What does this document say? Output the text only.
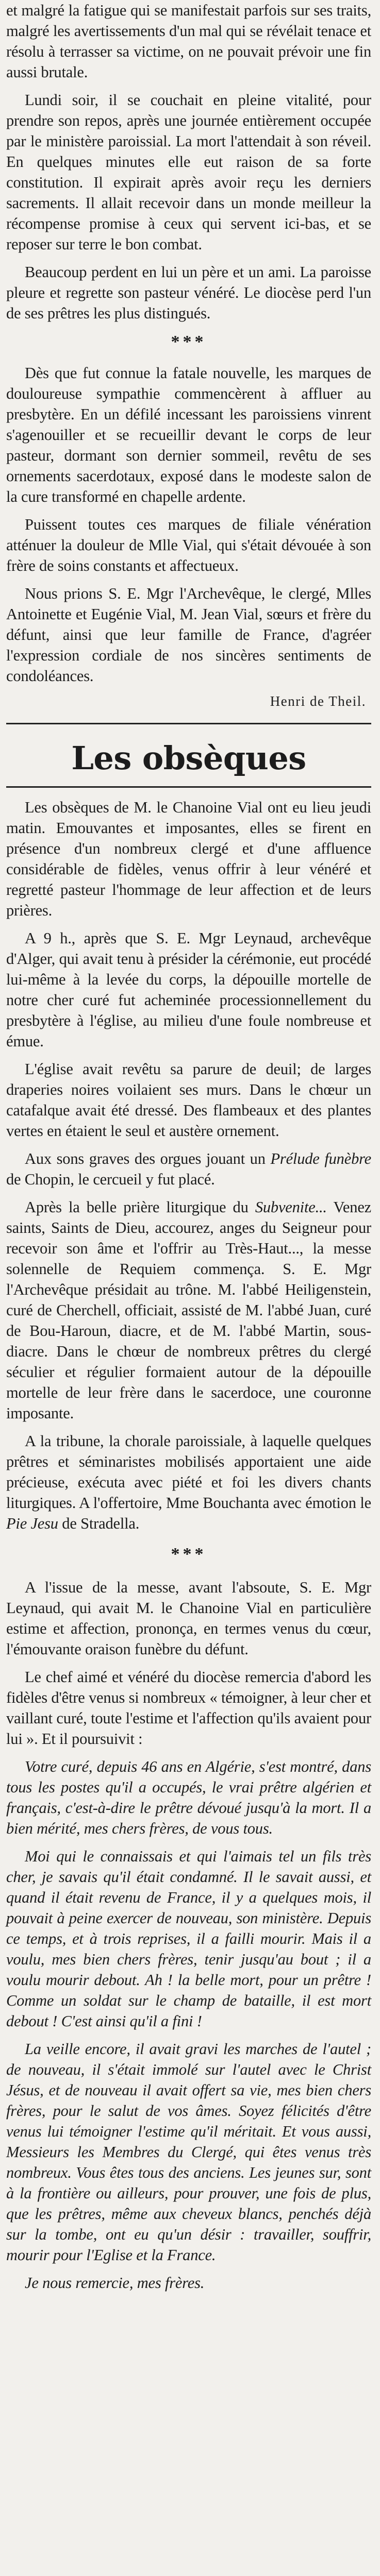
et malgré la fatigue qui se manifestait parfois sur ses traits, malgré les avertissements d'un mal qui se révélait tenace et résolu à terrasser sa victime, on ne pouvait prévoir une fin aussi brutale.

Lundi soir, il se couchait en pleine vitalité, pour prendre son repos, après une journée entièrement occupée par le ministère paroissial. La mort l'attendait à son réveil. En quelques minutes elle eut raison de sa forte constitution. Il expirait après avoir reçu les derniers sacrements. Il allait recevoir dans un monde meilleur la récompense promise à ceux qui servent ici-bas, et se reposer sur terre le bon combat.

Beaucoup perdent en lui un père et un ami. La paroisse pleure et regrette son pasteur vénéré. Le diocèse perd l'un de ses prêtres les plus distingués.

***

Dès que fut connue la fatale nouvelle, les marques de douloureuse sympathie commencèrent à affluer au presbytère. En un défilé incessant les paroissiens vinrent s'agenouiller et se recueillir devant le corps de leur pasteur, dormant son dernier sommeil, revêtu de ses ornements sacerdotaux, exposé dans le modeste salon de la cure transformé en chapelle ardente.

Puissent toutes ces marques de filiale vénération atténuer la douleur de Mlle Vial, qui s'était dévouée à son frère de soins constants et affectueux.

Nous prions S. E. Mgr l'Archevêque, le clergé, Mlles Antoinette et Eugénie Vial, M. Jean Vial, sœurs et frère du défunt, ainsi que leur famille de France, d'agréer l'expression cordiale de nos sincères sentiments de condoléances.

Henri de Theil.
Les obsèques

Les obsèques de M. le Chanoine Vial ont eu lieu jeudi matin. Emouvantes et imposantes, elles se firent en présence d'un nombreux clergé et d'une affluence considérable de fidèles, venus offrir à leur vénéré et regretté pasteur l'hommage de leur affection et de leurs prières.

A 9 h., après que S. E. Mgr Leynaud, archevêque d'Alger, qui avait tenu à présider la cérémonie, eut procédé lui-même à la levée du corps, la dépouille mortelle de notre cher curé fut acheminée processionnellement du presbytère à l'église, au milieu d'une foule nombreuse et émue.

L'église avait revêtu sa parure de deuil; de larges draperies noires voilaient ses murs. Dans le chœur un catafalque avait été dressé. Des flambeaux et des plantes vertes en étaient le seul et austère ornement.

Aux sons graves des orgues jouant un Prélude funèbre de Chopin, le cercueil y fut placé.

Après la belle prière liturgique du Subvenite... Venez saints, Saints de Dieu, accourez, anges du Seigneur pour recevoir son âme et l'offrir au Très-Haut..., la messe solennelle de Requiem commença. S. E. Mgr l'Archevêque présidait au trône. M. l'abbé Heiligenstein, curé de Cherchell, officiait, assisté de M. l'abbé Juan, curé de Bou-Haroun, diacre, et de M. l'abbé Martin, sous-diacre. Dans le chœur de nombreux prêtres du clergé séculier et régulier formaient autour de la dépouille mortelle de leur frère dans le sacerdoce, une couronne imposante.

A la tribune, la chorale paroissiale, à laquelle quelques prêtres et séminaristes mobilisés apportaient une aide précieuse, exécuta avec piété et foi les divers chants liturgiques. A l'offertoire, Mme Bouchanta avec émotion le Pie Jesu de Stradella.

***

A l'issue de la messe, avant l'absoute, S. E. Mgr Leynaud, qui avait M. le Chanoine Vial en particulière estime et affection, prononça, en termes venus du cœur, l'émouvante oraison funèbre du défunt.

Le chef aimé et vénéré du diocèse remercia d'abord les fidèles d'être venus si nombreux « témoigner, à leur cher et vaillant curé, toute l'estime et l'affection qu'ils avaient pour lui ». Et il poursuivit :

Votre curé, depuis 46 ans en Algérie, s'est montré, dans tous les postes qu'il a occupés, le vrai prêtre algérien et français, c'est-à-dire le prêtre dévoué jusqu'à la mort. Il a bien mérité, mes chers frères, de vous tous.

Moi qui le connaissais et qui l'aimais tel un fils très cher, je savais qu'il était condamné. Il le savait aussi, et quand il était revenu de France, il y a quelques mois, il pouvait à peine exercer de nouveau, son ministère. Depuis ce temps, et à trois reprises, il a failli mourir. Mais il a voulu, mes bien chers frères, tenir jusqu'au bout ; il a voulu mourir debout. Ah ! la belle mort, pour un prêtre ! Comme un soldat sur le champ de bataille, il est mort debout ! C'est ainsi qu'il a fini !

La veille encore, il avait gravi les marches de l'autel ; de nouveau, il s'était immolé sur l'autel avec le Christ Jésus, et de nouveau il avait offert sa vie, mes bien chers frères, pour le salut de vos âmes. Soyez félicités d'être venus lui témoigner l'estime qu'il méritait. Et vous aussi, Messieurs les Membres du Clergé, qui êtes venus très nombreux. Vous êtes tous des anciens. Les jeunes sur, sont à la frontière ou ailleurs, pour prouver, une fois de plus, que les prêtres, même aux cheveux blancs, penchés déjà sur la tombe, ont eu qu'un désir : travailler, souffrir, mourir pour l'Eglise et la France.

Je nous remercie, mes frères.
